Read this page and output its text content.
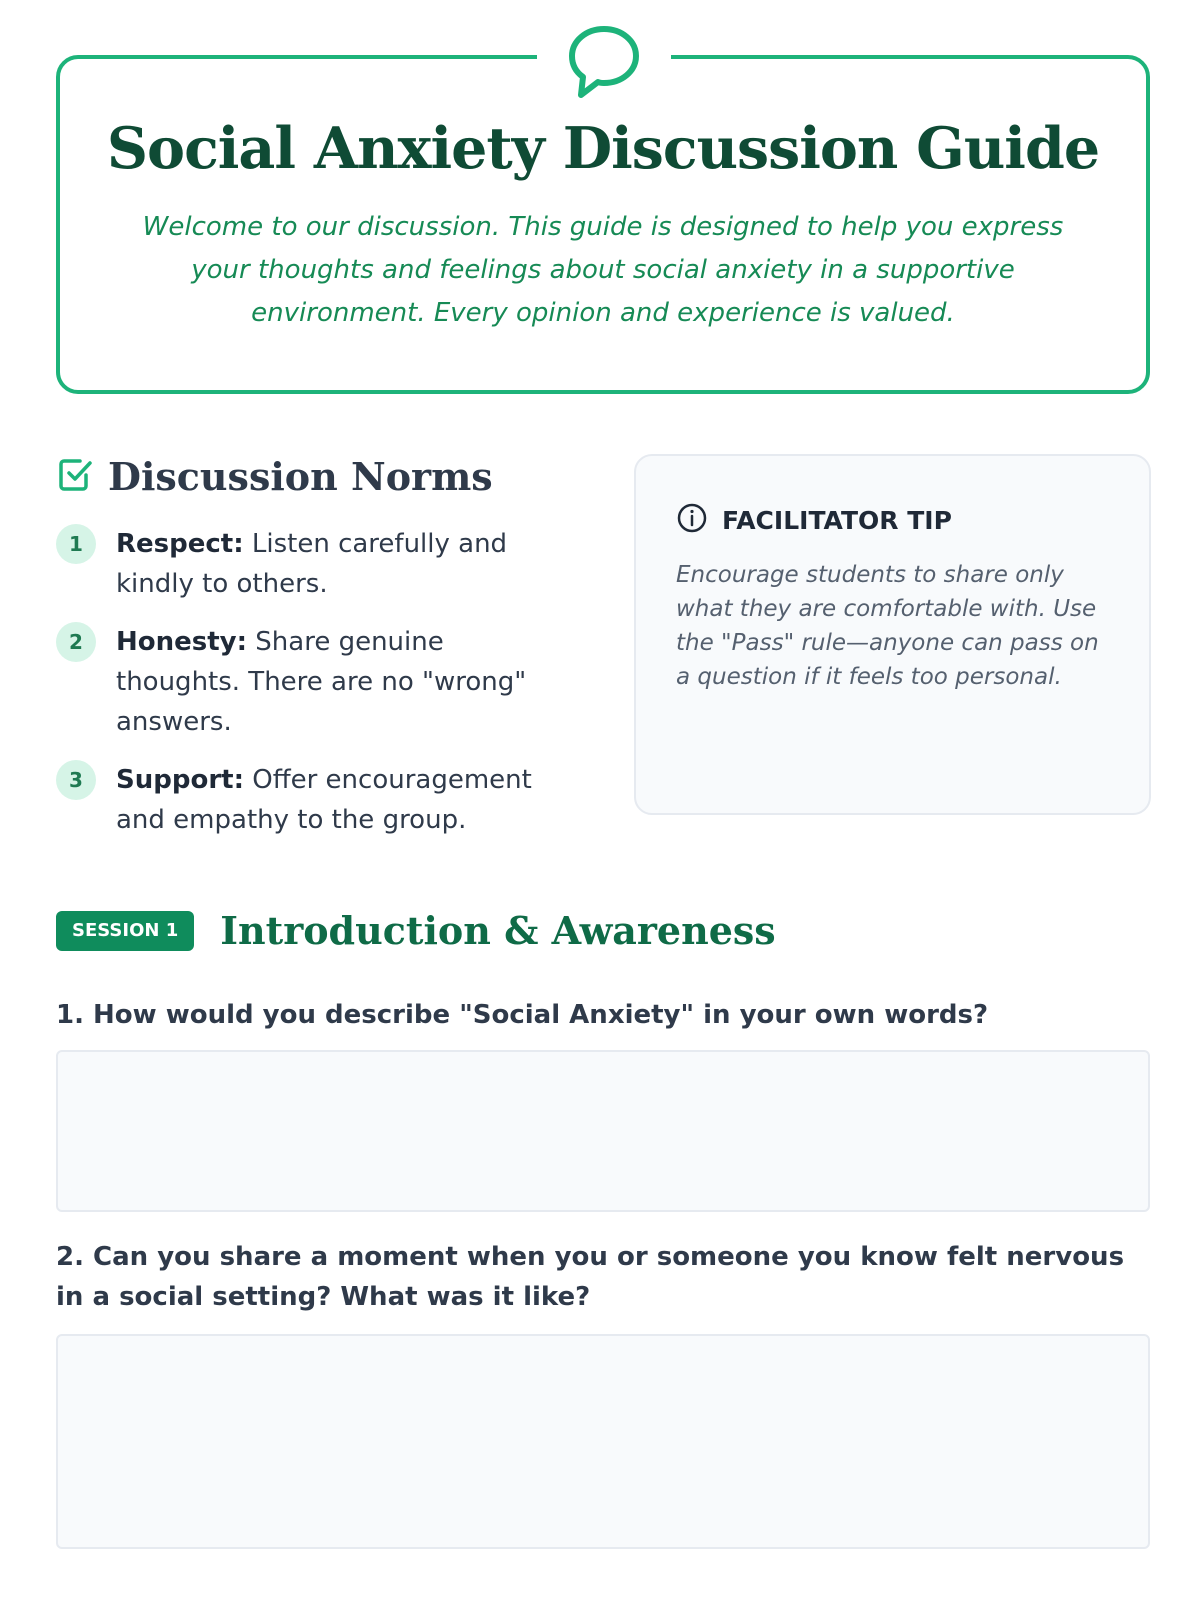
Social Anxiety Discussion Guide
Welcome to our discussion. This guide is designed to help you express your thoughts and feelings about social anxiety in a supportive environment. Every opinion and experience is valued.
Discussion Norms
1	Respect: Listen carefully and kindly to others.
2	Honesty: Share genuine thoughts. There are no "wrong" answers.
3	Support: Offer encouragement and empathy to the group.
FACILITATOR TIP
Encourage students to share only what they are comfortable with. Use the "Pass" rule—anyone can pass on a question if it feels too personal.
SESSION 1	Introduction & Awareness
1. How would you describe "Social Anxiety" in your own words?
2. Can you share a moment when you or someone you know felt nervous in a social setting? What was it like?
